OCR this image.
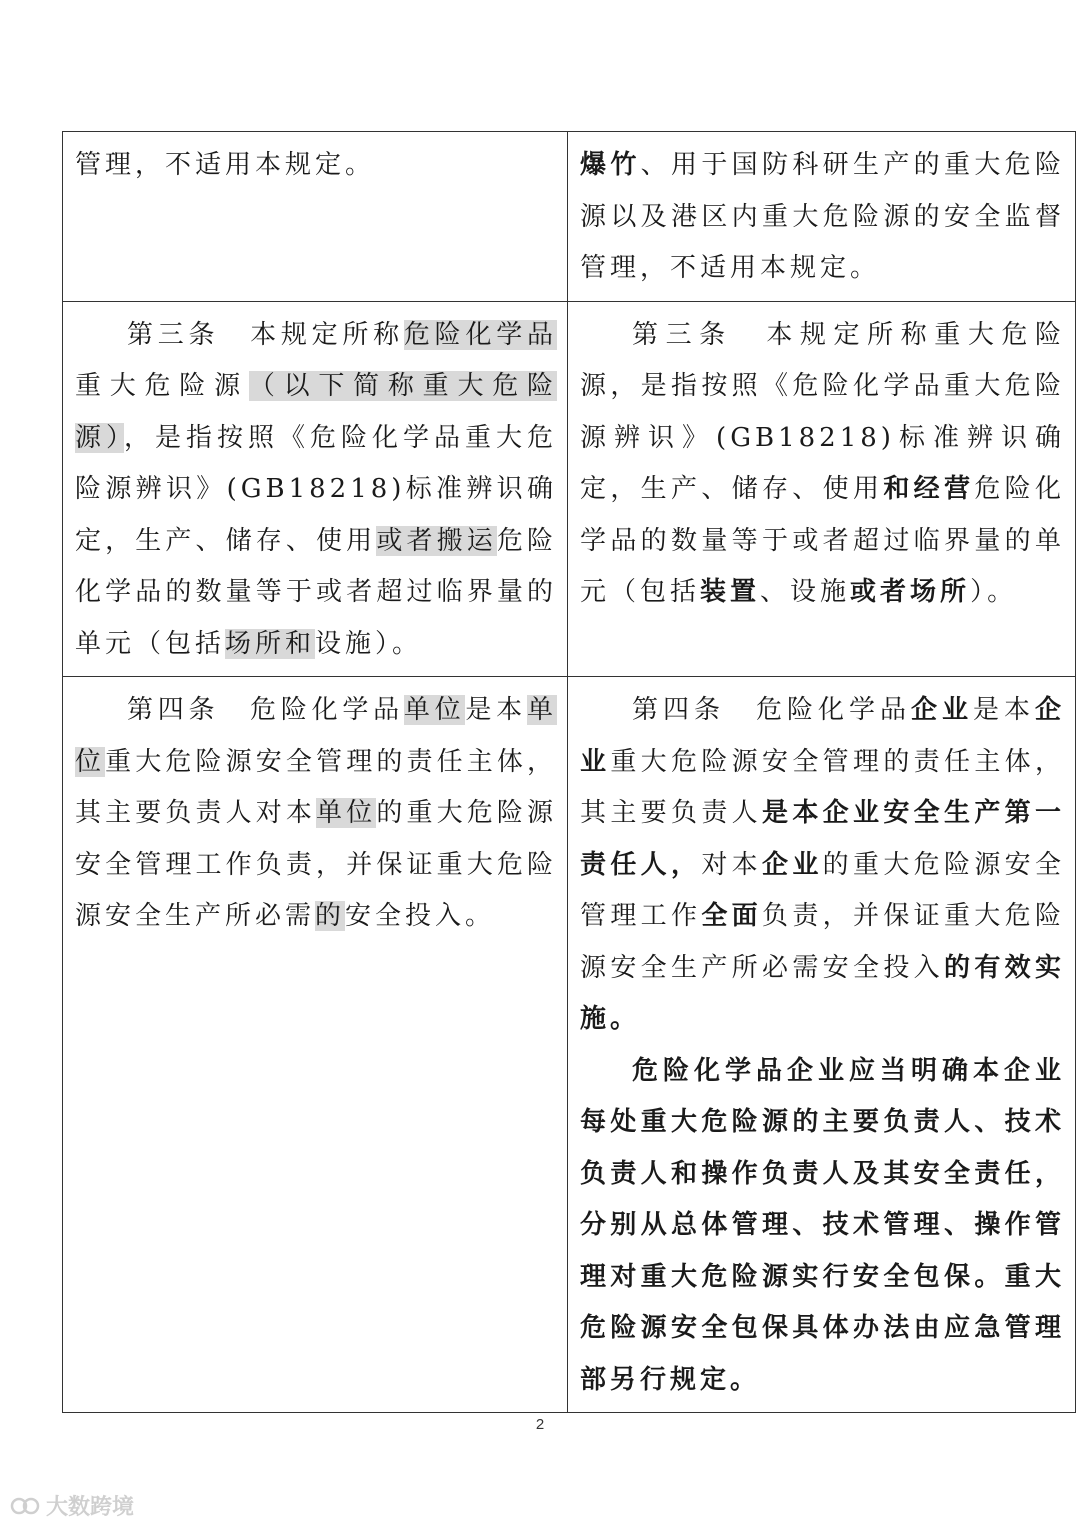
管理，不适用本规定。	爆竹、用于国防科研生产的重大危险源以及港区内重大危险源的安全监督管理，不适用本规定。

第三条　本规定所称危险化学品重大危险源（以下简称重大危险源），是指按照《危险化学品重大危险源辨识》(GB18218)标准辨识确定，生产、储存、使用或者搬运危险化学品的数量等于或者超过临界量的单元（包括场所和设施）。	第三条　本规定所称重大危险源，是指按照《危险化学品重大危险源辨识》(GB18218)标准辨识确定，生产、储存、使用和经营危险化学品的数量等于或者超过临界量的单元（包括装置、设施或者场所）。

第四条　危险化学品单位是本单位重大危险源安全管理的责任主体，其主要负责人对本单位的重大危险源安全管理工作负责，并保证重大危险源安全生产所必需的安全投入。	第四条　危险化学品企业是本企业重大危险源安全管理的责任主体，其主要负责人是本企业安全生产第一责任人，对本企业的重大危险源安全管理工作全面负责，并保证重大危险源安全生产所必需安全投入的有效实施。

危险化学品企业应当明确本企业每处重大危险源的主要负责人、技术负责人和操作负责人及其安全责任，分别从总体管理、技术管理、操作管理对重大危险源实行安全包保。重大危险源安全包保具体办法由应急管理部另行规定。

2
大数跨境
